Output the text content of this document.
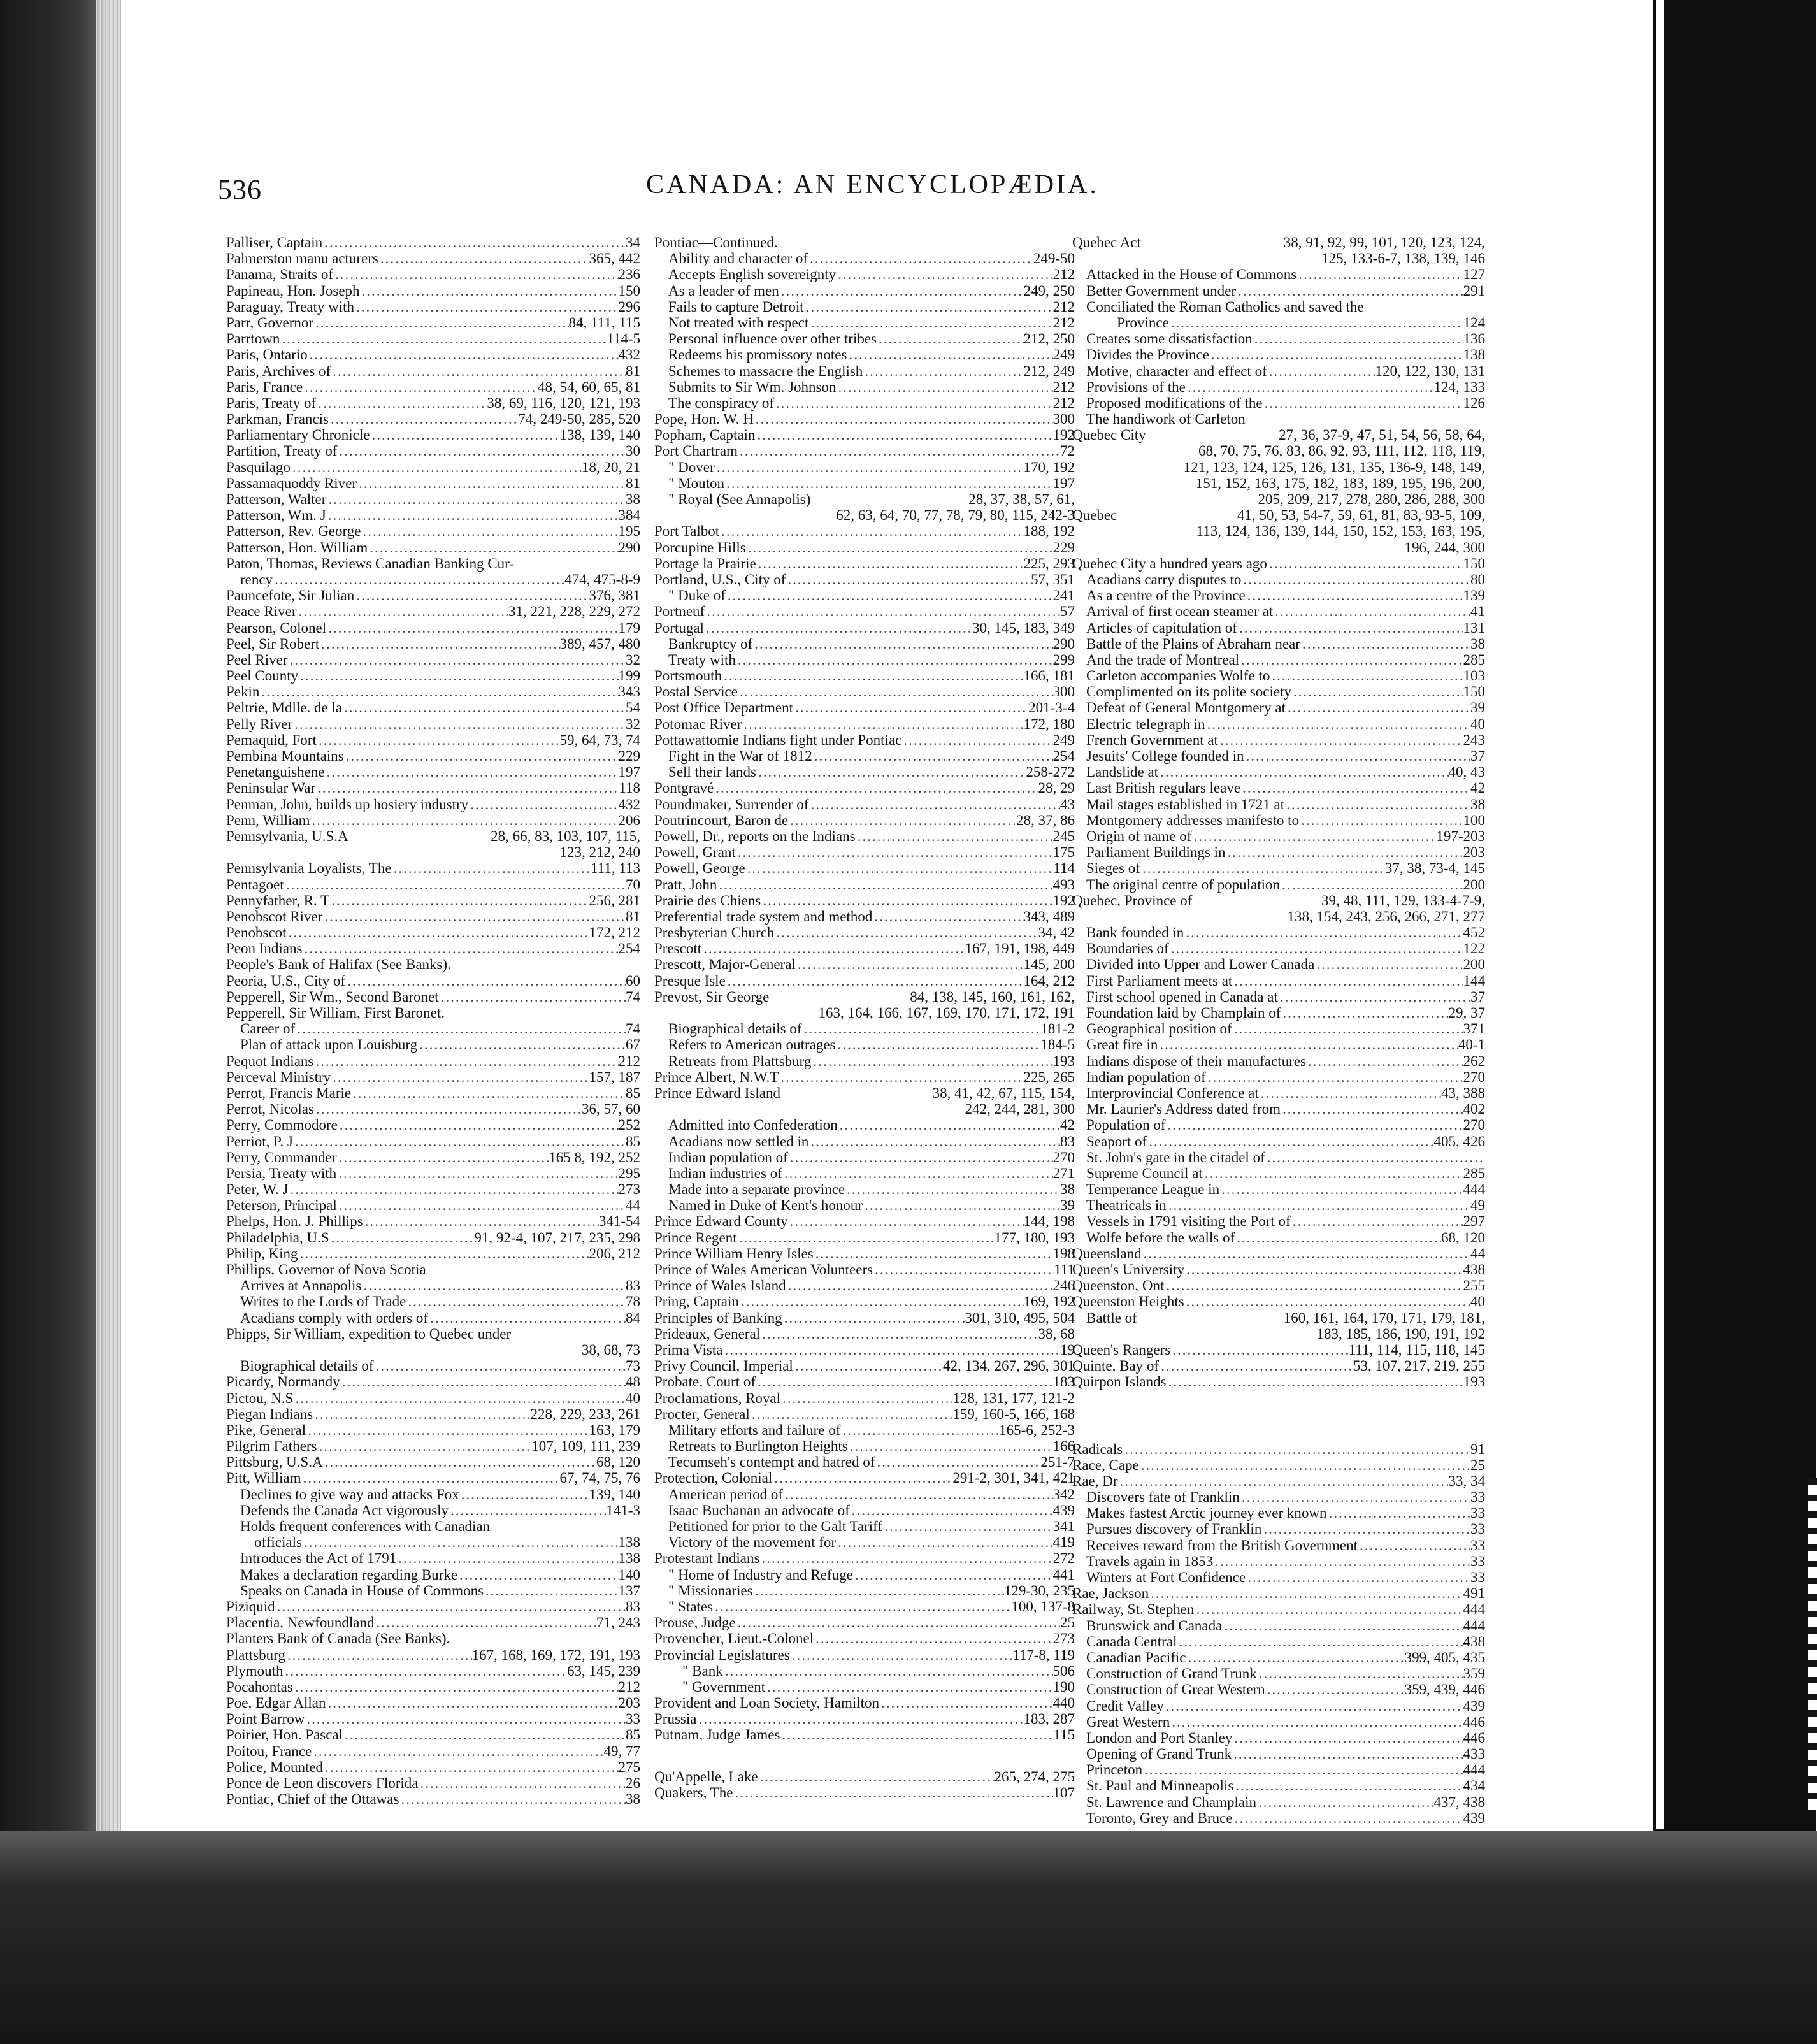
536	CANADA: AN ENCYCLOPÆDIA.
Palliser, Captain .....	34
Palmerston manu acturers .....	365, 442
Panama, Straits of .....	236
Papineau, Hon. Joseph .....	150
Paraguay, Treaty with .....	296
Parr, Governor .....	84, 111, 115
Parrtown .....	114-5
Paris, Ontario .....	432
Paris, Archives of .....	81
Paris, France .....	48, 54, 60, 65, 81
Paris, Treaty of .....	38, 69, 116, 120, 121, 193
Parkman, Francis .....	74, 249-50, 285, 520
Parliamentary Chronicle .....	138, 139, 140
Partition, Treaty of .....	30
Pasquilago .....	18, 20, 21
Passamaquoddy River .....	81
Patterson, Walter .....	38
Patterson, Wm. J .....	384
Patterson, Rev. George .....	195
Patterson, Hon. William .....	290
Paton, Thomas, Reviews Canadian Banking Cur-
rency .....	474, 475-8-9
Pauncefote, Sir Julian .....	376, 381
Peace River .....	31, 221, 228, 229, 272
Pearson, Colonel .....	179
Peel, Sir Robert .....	389, 457, 480
Peel River .....	32
Peel County .....	199
Pekin .....	343
Peltrie, Mdlle. de la .....	54
Pelly River .....	32
Pemaquid, Fort .....	59, 64, 73, 74
Pembina Mountains .....	229
Penetanguishene .....	197
Peninsular War .....	118
Penman, John, builds up hosiery industry .....	432
Penn, William .....	206
Pennsylvania, U.S.A	28, 66, 83, 103, 107, 115,
123, 212, 240
Pennsylvania Loyalists, The .....	111, 113
Pentagoet .....	70
Pennyfather, R. T .....	256, 281
Penobscot River .....	81
Penobscot .....	172, 212
Peon Indians .....	254
People's Bank of Halifax (See Banks).
Peoria, U.S., City of .....	60
Pepperell, Sir Wm., Second Baronet .....	74
Pepperell, Sir William, First Baronet.
Career of .....	74
Plan of attack upon Louisburg .....	67
Pequot Indians .....	212
Perceval Ministry .....	157, 187
Perrot, Francis Marie .....	85
Perrot, Nicolas .....	36, 57, 60
Perry, Commodore .....	252
Perriot, P. J .....	85
Perry, Commander .....	165 8, 192, 252
Persia, Treaty with .....	295
Peter, W. J .....	273
Peterson, Principal .....	44
Phelps, Hon. J. Phillips .....	341-54
Philadelphia, U.S .....	91, 92-4, 107, 217, 235, 298
Philip, King .....	206, 212
Phillips, Governor of Nova Scotia
Arrives at Annapolis .....	83
Writes to the Lords of Trade .....	78
Acadians comply with orders of .....	84
Phipps, Sir William, expedition to Quebec under
38, 68, 73
Biographical details of .....	73
Picardy, Normandy .....	48
Pictou, N.S .....	40
Piegan Indians .....	228, 229, 233, 261
Pike, General .....	163, 179
Pilgrim Fathers .....	107, 109, 111, 239
Pittsburg, U.S.A .....	68, 120
Pitt, William .....	67, 74, 75, 76
Declines to give way and attacks Fox .....	139, 140
Defends the Canada Act vigorously .....	141-3
Holds frequent conferences with Canadian
officials .....	138
Introduces the Act of 1791 .....	138
Makes a declaration regarding Burke .....	140
Speaks on Canada in House of Commons .....	137
Piziquid .....	83
Placentia, Newfoundland .....	71, 243
Planters Bank of Canada (See Banks).
Plattsburg .....	167, 168, 169, 172, 191, 193
Plymouth .....	63, 145, 239
Pocahontas .....	212
Poe, Edgar Allan .....	203
Point Barrow .....	33
Poirier, Hon. Pascal .....	85
Poitou, France .....	49, 77
Police, Mounted .....	275
Ponce de Leon discovers Florida .....	26
Pontiac, Chief of the Ottawas .....	38
Pontiac—Continued.
Ability and character of .....	249-50
Accepts English sovereignty .....	212
As a leader of men .....	249, 250
Fails to capture Detroit .....	212
Not treated with respect .....	212
Personal influence over other tribes .....	212, 250
Redeems his promissory notes .....	249
Schemes to massacre the English .....	212, 249
Submits to Sir Wm. Johnson .....	212
The conspiracy of .....	212
Pope, Hon. W. H .....	300
Popham, Captain .....	192
Port Chartram .....	72
" Dover .....	170, 192
" Mouton .....	197
" Royal (See Annapolis)	28, 37, 38, 57, 61,
62, 63, 64, 70, 77, 78, 79, 80, 115, 242-3
Port Talbot .....	188, 192
Porcupine Hills .....	229
Portage la Prairie .....	225, 293
Portland, U.S., City of .....	57, 351
" Duke of .....	241
Portneuf .....	57
Portugal .....	30, 145, 183, 349
Bankruptcy of .....	290
Treaty with .....	299
Portsmouth .....	166, 181
Postal Service .....	300
Post Office Department .....	201-3-4
Potomac River .....	172, 180
Pottawattomie Indians fight under Pontiac .....	249
Fight in the War of 1812 .....	254
Sell their lands .....	258-272
Pontgravé .....	28, 29
Poundmaker, Surrender of .....	43
Poutrincourt, Baron de .....	28, 37, 86
Powell, Dr., reports on the Indians .....	245
Powell, Grant .....	175
Powell, George .....	114
Pratt, John .....	493
Prairie des Chiens .....	192
Preferential trade system and method .....	343, 489
Presbyterian Church .....	34, 42
Prescott .....	167, 191, 198, 449
Prescott, Major-General .....	145, 200
Presque Isle .....	164, 212
Prevost, Sir George	84, 138, 145, 160, 161, 162,
163, 164, 166, 167, 169, 170, 171, 172, 191
Biographical details of .....	181-2
Refers to American outrages .....	184-5
Retreats from Plattsburg .....	193
Prince Albert, N.W.T .....	225, 265
Prince Edward Island	38, 41, 42, 67, 115, 154,
242, 244, 281, 300
Admitted into Confederation .....	42
Acadians now settled in .....	83
Indian population of .....	270
Indian industries of .....	271
Made into a separate province .....	38
Named in Duke of Kent's honour .....	39
Prince Edward County .....	144, 198
Prince Regent .....	177, 180, 193
Prince William Henry Isles .....	198
Prince of Wales American Volunteers .....	111
Prince of Wales Island .....	246
Pring, Captain .....	169, 192
Principles of Banking .....	301, 310, 495, 504
Prideaux, General .....	38, 68
Prima Vista .....	19
Privy Council, Imperial .....	42, 134, 267, 296, 301
Probate, Court of .....	183
Proclamations, Royal .....	128, 131, 177, 121-2
Procter, General .....	159, 160-5, 166, 168
Military efforts and failure of .....	165-6, 252-3
Retreats to Burlington Heights .....	166
Tecumseh's contempt and hatred of .....	251-7
Protection, Colonial .....	291-2, 301, 341, 421
American period of .....	342
Isaac Buchanan an advocate of .....	439
Petitioned for prior to the Galt Tariff .....	341
Victory of the movement for .....	419
Protestant Indians .....	272
" Home of Industry and Refuge .....	441
" Missionaries .....	129-30, 235
" States .....	100, 137-8
Prouse, Judge .....	25
Provencher, Lieut.-Colonel .....	273
Provincial Legislatures .....	117-8, 119
" Bank .....	506
" Government .....	190
Provident and Loan Society, Hamilton .....	440
Prussia .....	183, 287
Putnam, Judge James .....	115
Qu'Appelle, Lake .....	265, 274, 275
Quakers, The .....	107
Quebec Act	38, 91, 92, 99, 101, 120, 123, 124,
125, 133-6-7, 138, 139, 146
Attacked in the House of Commons .....	127
Better Government under .....	291
Conciliated the Roman Catholics and saved the
Province .....	124
Creates some dissatisfaction .....	136
Divides the Province .....	138
Motive, character and effect of .....	120, 122, 130, 131
Provisions of the .....	124, 133
Proposed modifications of the .....	126
The handiwork of Carleton
Quebec City	27, 36, 37-9, 47, 51, 54, 56, 58, 64,
68, 70, 75, 76, 83, 86, 92, 93, 111, 112, 118, 119,
121, 123, 124, 125, 126, 131, 135, 136-9, 148, 149,
151, 152, 163, 175, 182, 183, 189, 195, 196, 200,
205, 209, 217, 278, 280, 286, 288, 300
Quebec	41, 50, 53, 54-7, 59, 61, 81, 83, 93-5, 109,
113, 124, 136, 139, 144, 150, 152, 153, 163, 195,
196, 244, 300
Quebec City a hundred years ago .....	150
Acadians carry disputes to .....	80
As a centre of the Province .....	139
Arrival of first ocean steamer at .....	41
Articles of capitulation of .....	131
Battle of the Plains of Abraham near .....	38
And the trade of Montreal .....	285
Carleton accompanies Wolfe to .....	103
Complimented on its polite society .....	150
Defeat of General Montgomery at .....	39
Electric telegraph in .....	40
French Government at .....	243
Jesuits' College founded in .....	37
Landslide at .....	40, 43
Last British regulars leave .....	42
Mail stages established in 1721 at .....	38
Montgomery addresses manifesto to .....	100
Origin of name of .....	197-203
Parliament Buildings in .....	203
Sieges of .....	37, 38, 73-4, 145
The original centre of population .....	200
Quebec, Province of	39, 48, 111, 129, 133-4-7-9,
138, 154, 243, 256, 266, 271, 277
Bank founded in .....	452
Boundaries of .....	122
Divided into Upper and Lower Canada .....	200
First Parliament meets at .....	144
First school opened in Canada at .....	37
Foundation laid by Champlain of .....	29, 37
Geographical position of .....	371
Great fire in .....	40-1
Indians dispose of their manufactures .....	262
Indian population of .....	270
Interprovincial Conference at .....	43, 388
Mr. Laurier's Address dated from .....	402
Population of .....	270
Seaport of .....	405, 426
St. John's gate in the citadel of
.....
Supreme Council at .....	285
Temperance League in .....	444
Theatricals in .....	49
Vessels in 1791 visiting the Port of .....	297
Wolfe before the walls of .....	68, 120
Queensland .....	44
Queen's University .....	438
Queenston, Ont .....	255
Queenston Heights .....	40
Battle of	160, 161, 164, 170, 171, 179, 181,
183, 185, 186, 190, 191, 192
Queen's Rangers .....	111, 114, 115, 118, 145
Quinte, Bay of .....	53, 107, 217, 219, 255
Quirpon Islands .....	193
Radicals .....	91
Race, Cape .....	25
Rae, Dr .....	33, 34
Discovers fate of Franklin .....	33
Makes fastest Arctic journey ever known .....	33
Pursues discovery of Franklin .....	33
Receives reward from the British Government .....	33
Travels again in 1853 .....	33
Winters at Fort Confidence .....	33
Rae, Jackson .....	491
Railway, St. Stephen .....	444
Brunswick and Canada .....	444
Canada Central .....	438
Canadian Pacific .....	399, 405, 435
Construction of Grand Trunk .....	359
Construction of Great Western .....	359, 439, 446
Credit Valley .....	439
Great Western .....	446
London and Port Stanley .....	446
Opening of Grand Trunk .....	433
Princeton .....	444
St. Paul and Minneapolis .....	434
St. Lawrence and Champlain .....	437, 438
Toronto, Grey and Bruce .....	439
